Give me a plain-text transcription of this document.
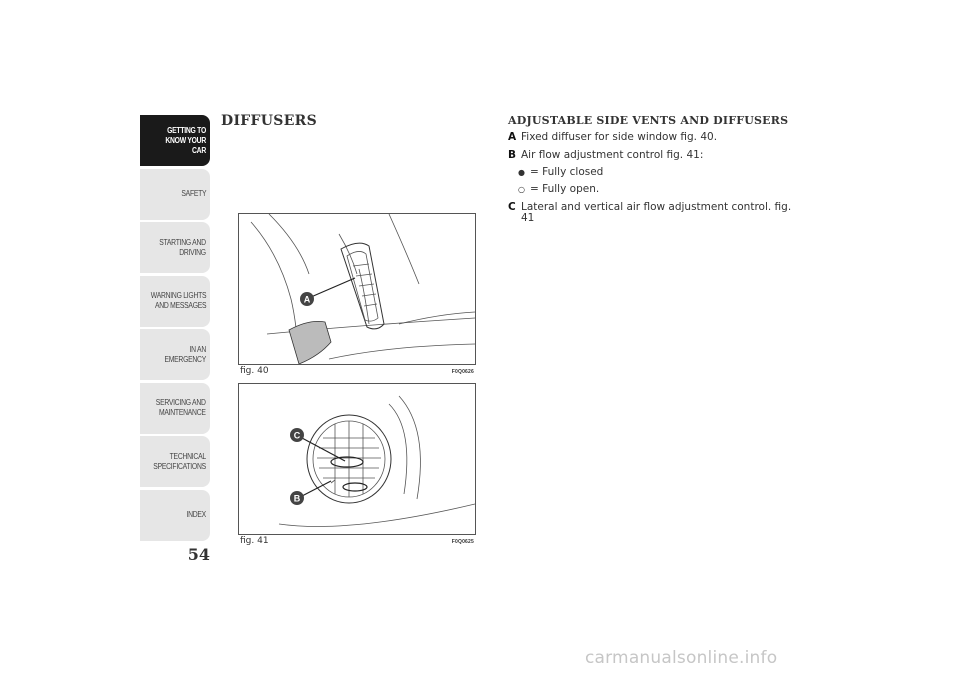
GETTING TO
KNOW YOUR CAR
SAFETY
STARTING AND
DRIVING
WARNING LIGHTS
AND MESSAGES
IN AN EMERGENCY
SERVICING AND
MAINTENANCE
TECHNICAL
SPECIFICATIONS
INDEX
54
DIFFUSERS
A
fig. 40	F0Q0626
C
B
fig. 41	F0Q0625
ADJUSTABLE SIDE VENTS AND DIFFUSERS
A Fixed diffuser for side window fig. 40.
B Air flow adjustment control fig. 41:
● = Fully closed
○ = Fully open.
C Lateral and vertical air flow adjustment control. fig. 41
carmanualsonline.info
